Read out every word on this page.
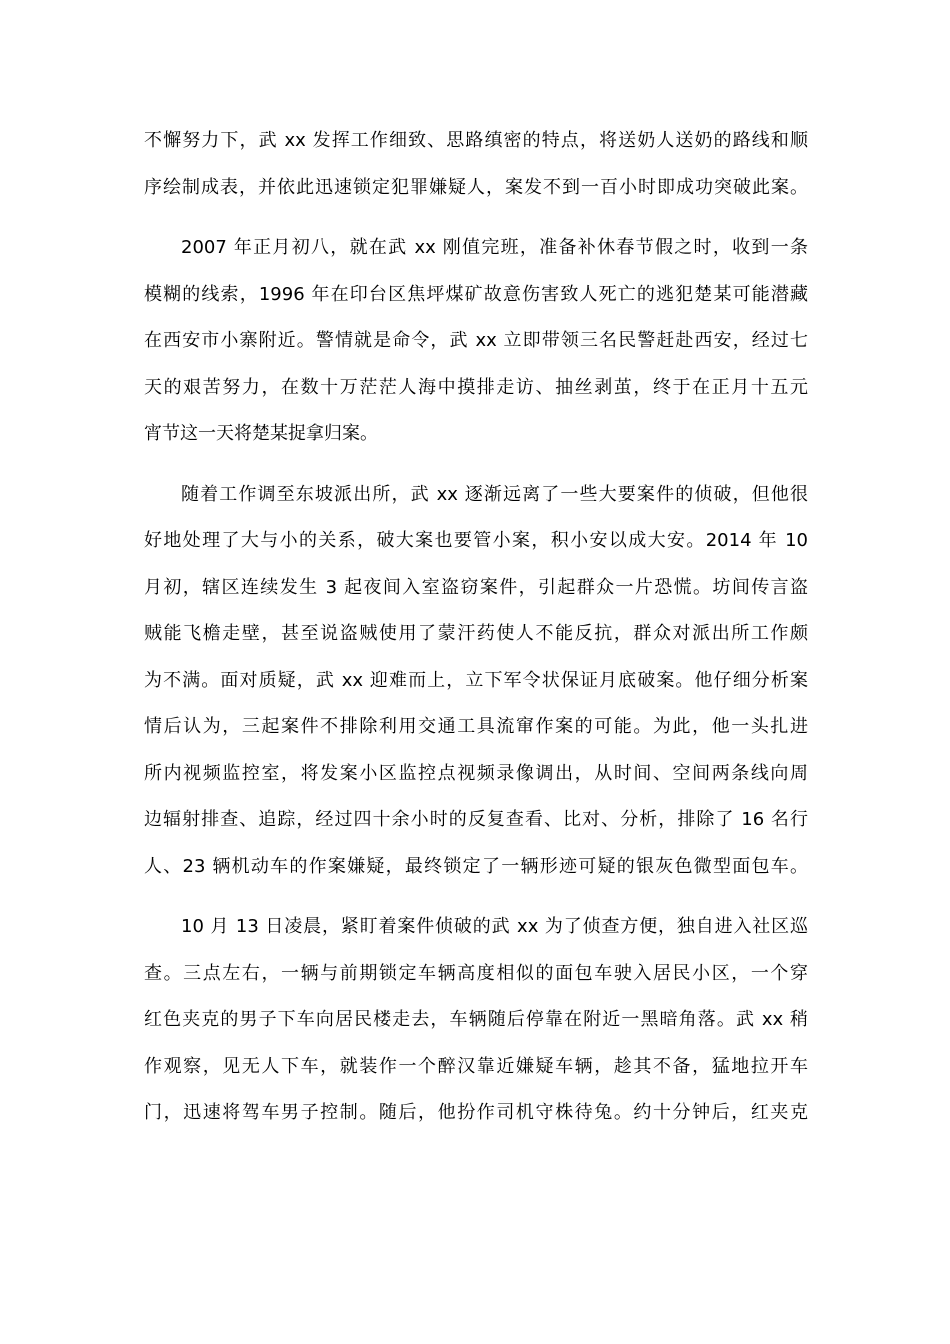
不懈努力下，武 xx 发挥工作细致、思路缜密的特点，将送奶人送奶的路线和顺
序绘制成表，并依此迅速锁定犯罪嫌疑人，案发不到一百小时即成功突破此案。

2007 年正月初八，就在武 xx 刚值完班，准备补休春节假之时，收到一条
模糊的线索，1996 年在印台区焦坪煤矿故意伤害致人死亡的逃犯楚某可能潜藏
在西安市小寨附近。警情就是命令，武 xx 立即带领三名民警赶赴西安，经过七
天的艰苦努力，在数十万茫茫人海中摸排走访、抽丝剥茧，终于在正月十五元
宵节这一天将楚某捉拿归案。

随着工作调至东坡派出所，武 xx 逐渐远离了一些大要案件的侦破，但他很
好地处理了大与小的关系，破大案也要管小案，积小安以成大安。2014 年 10
月初，辖区连续发生 3 起夜间入室盗窃案件，引起群众一片恐慌。坊间传言盗
贼能飞檐走壁，甚至说盗贼使用了蒙汗药使人不能反抗，群众对派出所工作颇
为不满。面对质疑，武 xx 迎难而上，立下军令状保证月底破案。他仔细分析案
情后认为，三起案件不排除利用交通工具流窜作案的可能。为此，他一头扎进
所内视频监控室，将发案小区监控点视频录像调出，从时间、空间两条线向周
边辐射排查、追踪，经过四十余小时的反复查看、比对、分析，排除了 16 名行
人、23 辆机动车的作案嫌疑，最终锁定了一辆形迹可疑的银灰色微型面包车。

10 月 13 日凌晨，紧盯着案件侦破的武 xx 为了侦查方便，独自进入社区巡
查。三点左右，一辆与前期锁定车辆高度相似的面包车驶入居民小区，一个穿
红色夹克的男子下车向居民楼走去，车辆随后停靠在附近一黑暗角落。武 xx 稍
作观察，见无人下车，就装作一个醉汉靠近嫌疑车辆，趁其不备，猛地拉开车
门，迅速将驾车男子控制。随后，他扮作司机守株待兔。约十分钟后，红夹克
